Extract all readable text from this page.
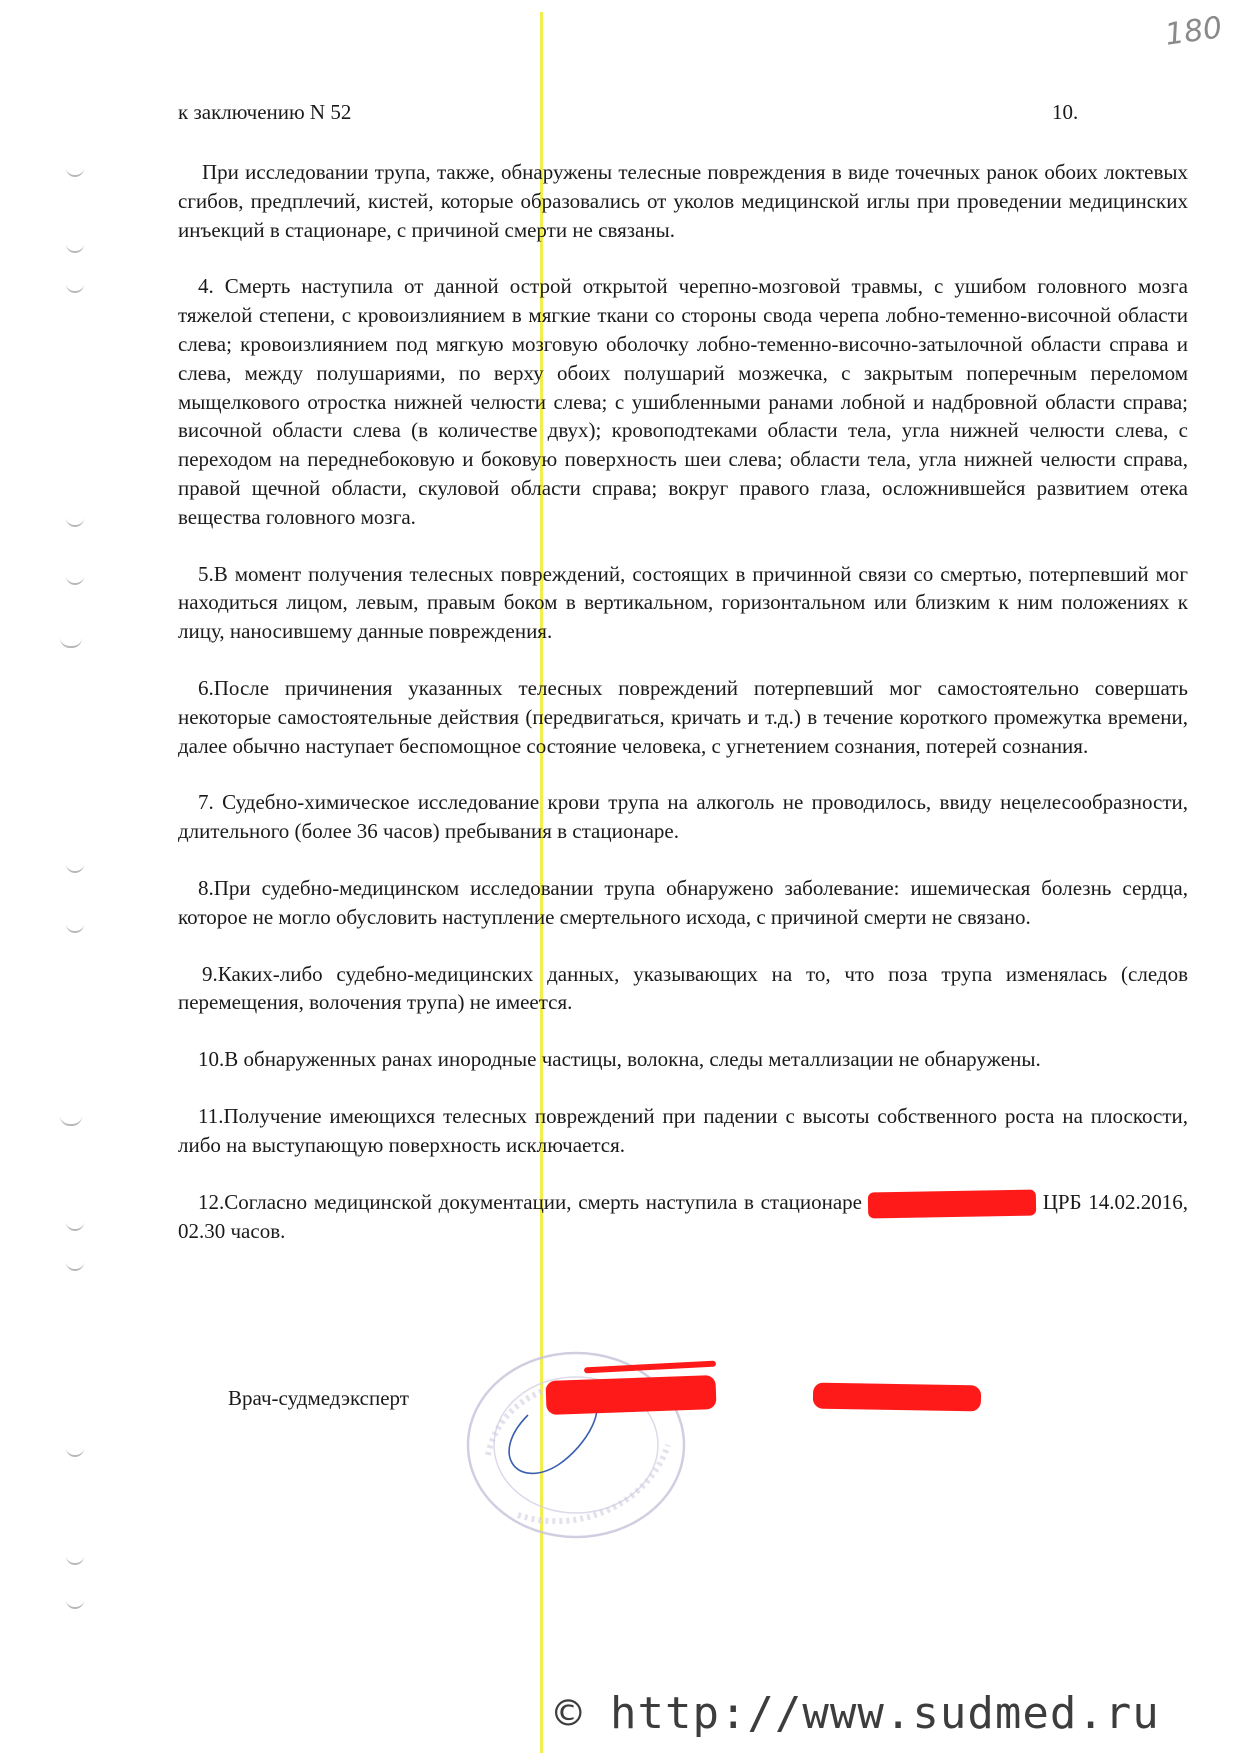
180
к заключению N 52	10.

При исследовании трупа, также, обнаружены телесные повреждения в виде точечных ранок обоих локтевых сгибов, предплечий, кистей, которые образовались от уколов медицинской иглы при проведении медицинских инъекций в стационаре, с причиной смерти не связаны.

4. Смерть наступила от данной острой открытой черепно-мозговой травмы, с ушибом головного мозга тяжелой степени, с кровоизлиянием в мягкие ткани со стороны свода черепа лобно-теменно-височной области слева; кровоизлиянием под мягкую мозговую оболочку лобно-теменно-височно-затылочной области справа и слева, между полушариями, по верху обоих полушарий мозжечка, с закрытым поперечным переломом мыщелкового отростка нижней челюсти слева; с ушибленными ранами лобной и надбровной области справа; височной области слева (в количестве двух); кровоподтеками области тела, угла нижней челюсти слева, с переходом на переднебоковую и боковую поверхность шеи слева; области тела, угла нижней челюсти справа, правой щечной области, скуловой области справа; вокруг правого глаза, осложнившейся развитием отека вещества головного мозга.

5.В момент получения телесных повреждений, состоящих в причинной связи со смертью, потерпевший мог находиться лицом, левым, правым боком в вертикальном, горизонтальном или близким к ним положениях к лицу, наносившему данные повреждения.

6.После причинения указанных телесных повреждений потерпевший мог самостоятельно совершать некоторые самостоятельные действия (передвигаться, кричать и т.д.) в течение короткого промежутка времени, далее обычно наступает беспомощное состояние человека, с угнетением сознания, потерей сознания.

7. Судебно-химическое исследование крови трупа на алкоголь не проводилось, ввиду нецелесообразности, длительного (более 36 часов) пребывания в стационаре.

8.При судебно-медицинском исследовании трупа обнаружено заболевание: ишемическая болезнь сердца, которое не могло обусловить наступление смертельного исхода, с причиной смерти не связано.

9.Каких-либо судебно-медицинских данных, указывающих на то, что поза трупа изменялась (следов перемещения, волочения трупа) не имеется.

10.В обнаруженных ранах инородные частицы, волокна, следы металлизации не обнаружены.

11.Получение имеющихся телесных повреждений при падении с высоты собственного роста на плоскости, либо на выступающую поверхность исключается.

12.Согласно медицинской документации, смерть наступила в стационаре	ЦРБ 14.02.2016, 02.30 часов.

Врач-судмедэксперт
© http://www.sudmed.ru
